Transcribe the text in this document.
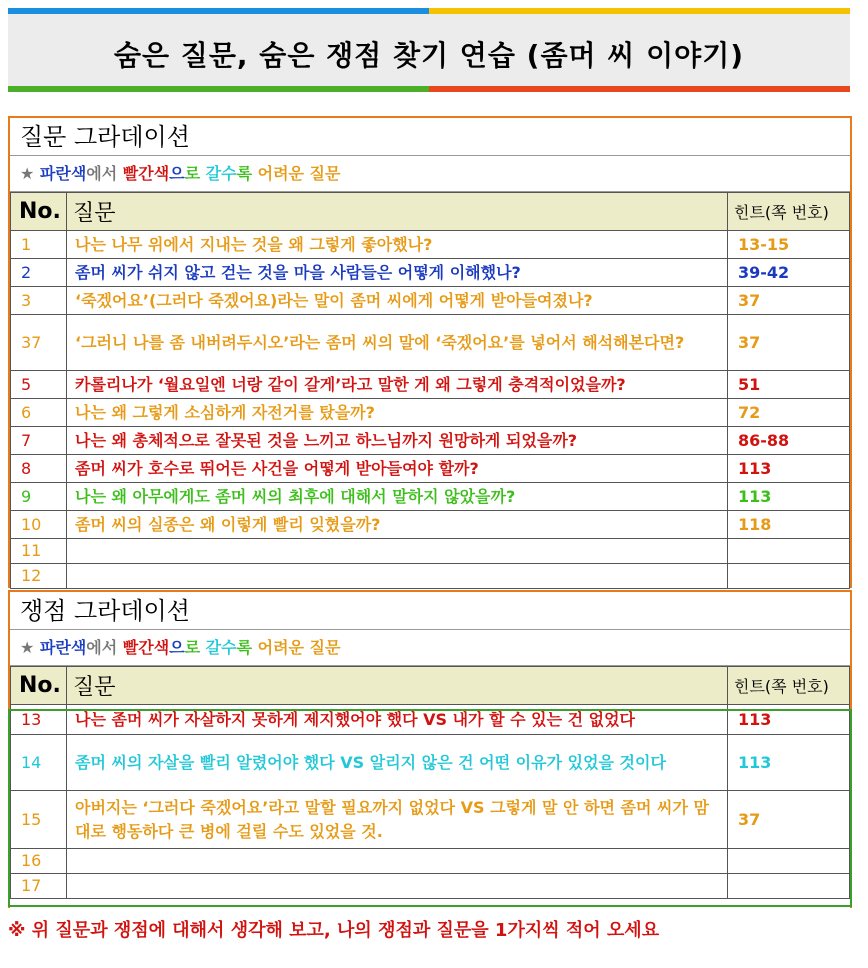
숨은 질문, 숨은 쟁점 찾기 연습 (좀머 씨 이야기)
질문 그라데이션
★ 파란색에서 빨간색으로 갈수록 어려운 질문
No.	질문	힌트(쪽 번호)
1	나는 나무 위에서 지내는 것을 왜 그렇게 좋아했나?	13-15
2	좀머 씨가 쉬지 않고 걷는 것을 마을 사람들은 어떻게 이해했나?	39-42
3	‘죽겠어요’(그러다 죽겠어요)라는 말이 좀머 씨에게 어떻게 받아들여졌나?	37
37	‘그러니 나를 좀 내버려두시오’라는 좀머 씨의 말에 ‘죽겠어요’를 넣어서 해석해본다면?	37
5	카롤리나가 ‘월요일엔 너랑 같이 갈게’라고 말한 게 왜 그렇게 충격적이었을까?	51
6	나는 왜 그렇게 소심하게 자전거를 탔을까?	72
7	나는 왜 총체적으로 잘못된 것을 느끼고 하느님까지 원망하게 되었을까?	86-88
8	좀머 씨가 호수로 뛰어든 사건을 어떻게 받아들여야 할까?	113
9	나는 왜 아무에게도 좀머 씨의 최후에 대해서 말하지 않았을까?	113
10	좀머 씨의 실종은 왜 이렇게 빨리 잊혔을까?	118
11		
12		
쟁점 그라데이션
★ 파란색에서 빨간색으로 갈수록 어려운 질문
No.	질문	힌트(쪽 번호)
13	나는 좀머 씨가 자살하지 못하게 제지했어야 했다 VS 내가 할 수 있는 건 없었다	113
14	좀머 씨의 자살을 빨리 알렸어야 했다 VS 알리지 않은 건 어떤 이유가 있었을 것이다	113
15	아버지는 ‘그러다 죽겠어요’라고 말할 필요까지 없었다 VS 그렇게 말 안 하면 좀머 씨가 맘대로 행동하다 큰 병에 걸릴 수도 있었을 것.	37
16		
17		
※ 위 질문과 쟁점에 대해서 생각해 보고, 나의 쟁점과 질문을 1가지씩 적어 오세요
